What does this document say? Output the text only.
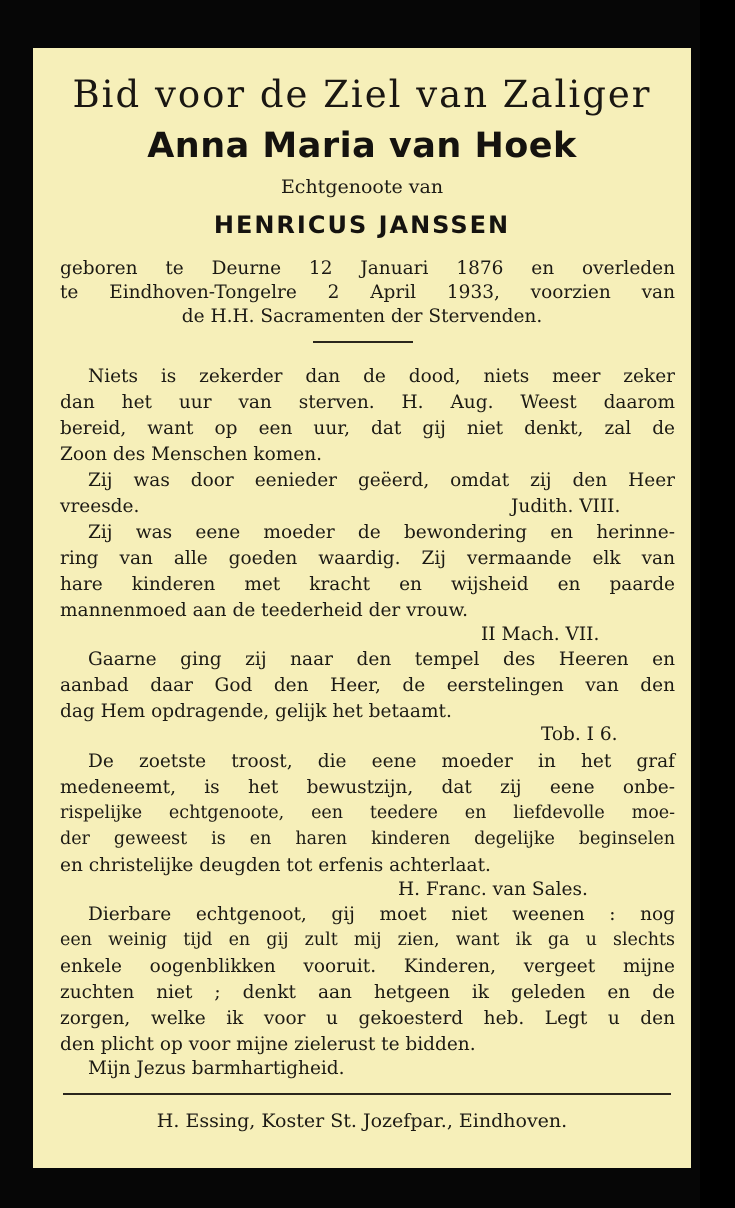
Bid voor de Ziel van Zaliger
Anna Maria van Hoek
Echtgenoote van
HENRICUS JANSSEN
geboren te Deurne 12 Januari 1876 en overleden
te Eindhoven-Tongelre 2 April 1933, voorzien van
de H.H. Sacramenten der Stervenden.
Niets is zekerder dan de dood, niets meer zeker
dan het uur van sterven. H. Aug. Weest daarom
bereid, want op een uur, dat gij niet denkt, zal de
Zoon des Menschen komen.
Zij was door eenieder geëerd, omdat zij den Heer
vreesde.	Judith. VIII.
Zij was eene moeder de bewondering en herinne-
ring van alle goeden waardig. Zij vermaande elk van
hare kinderen met kracht en wijsheid en paarde
mannenmoed aan de teederheid der vrouw.
II Mach. VII.
Gaarne ging zij naar den tempel des Heeren en
aanbad daar God den Heer, de eerstelingen van den
dag Hem opdragende, gelijk het betaamt.
Tob. I 6.
De zoetste troost, die eene moeder in het graf
medeneemt, is het bewustzijn, dat zij eene onbe-
rispelijke echtgenoote, een teedere en liefdevolle moe-
der geweest is en haren kinderen degelijke beginselen
en christelijke deugden tot erfenis achterlaat.
H. Franc. van Sales.
Dierbare echtgenoot, gij moet niet weenen : nog
een weinig tijd en gij zult mij zien, want ik ga u slechts
enkele oogenblikken vooruit. Kinderen, vergeet mijne
zuchten niet ; denkt aan hetgeen ik geleden en de
zorgen, welke ik voor u gekoesterd heb. Legt u den
den plicht op voor mijne zielerust te bidden.
Mijn Jezus barmhartigheid.
H. Essing, Koster St. Jozefpar., Eindhoven.
